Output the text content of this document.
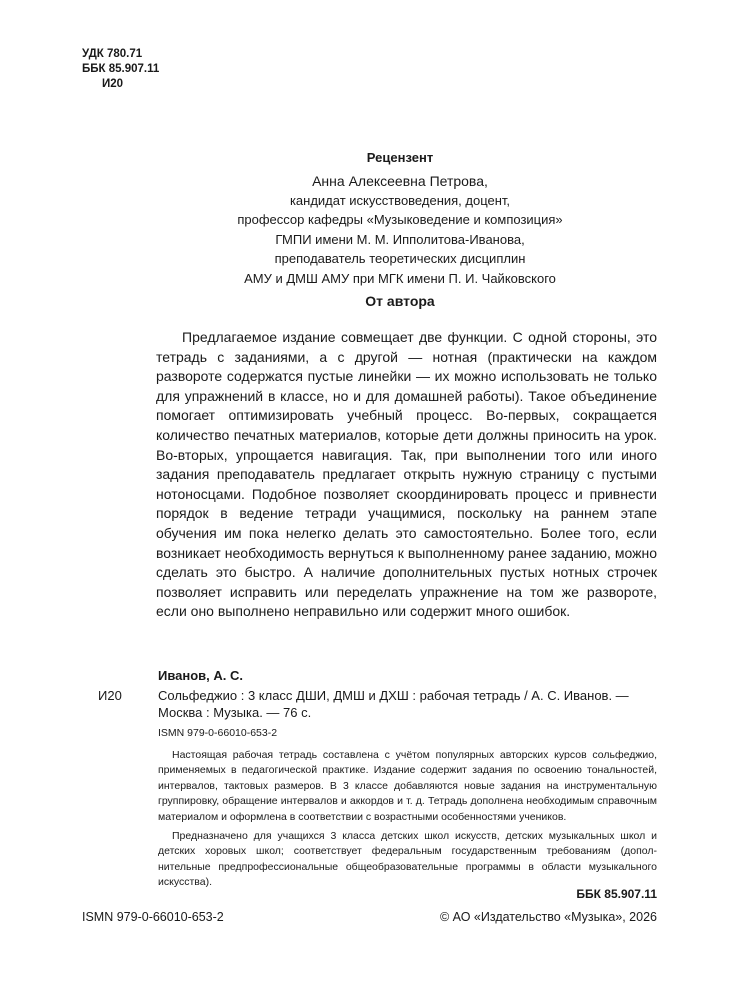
УДК 780.71
ББК 85.907.11
И20
Рецензент
Анна Алексеевна Петрова,
кандидат искусствоведения, доцент,
профессор кафедры «Музыковедение и композиция»
ГМПИ имени М. М. Ипполитова-Иванова,
преподаватель теоретических дисциплин
АМУ и ДМШ АМУ при МГК имени П. И. Чайковского
От автора

Предлагаемое издание совмещает две функции. С одной стороны, это тетрадь с заданиями, а с другой — нотная (практически на каждом развороте содержатся пустые линейки — их можно использовать не только для упражнений в классе, но и для домашней работы). Такое объединение помогает оптимизировать учебный процесс. Во-первых, сокращается количество печатных материалов, которые дети должны приносить на урок. Во-вторых, упрощается навигация. Так, при выполнении того или иного задания преподаватель предлагает открыть нужную страницу с пустыми нотоносцами. Подобное позволяет скоординировать процесс и привнести порядок в ведение тетради учащимися, поскольку на раннем этапе обучения им пока нелегко делать это самостоятельно. Более того, если возникает необходимость вернуться к выполненному ранее заданию, можно сделать это быстро. А наличие дополнительных пустых нотных строчек позволяет исправить или переделать упражнение на том же развороте, если оно выполнено неправильно или содержит много ошибок.

Иванов, А. С.
И20	Сольфеджио : 3 класс ДШИ, ДМШ и ДХШ : рабочая тетрадь / А. С. Иванов. — Москва : Музыка. — 76 с.
ISMN 979-0-66010-653-2

Настоящая рабочая тетрадь составлена с учётом популярных авторских курсов сольфеджио, применяемых в педагогической практике. Издание содержит задания по освоению тональностей, интервалов, тактовых размеров. В 3 классе добавляются новые задания на инструментальную группировку, обращение интервалов и аккордов и т. д. Тетрадь дополнена необходимым справочным материалом и оформлена в соответствии с возрастными особенностями учеников.

Предназначено для учащихся 3 класса детских школ искусств, детских музыкальных школ и детских хоровых школ; соответствует федеральным государственным требованиям (дополнительные предпрофессиональные общеобразовательные программы в области музыкального искусства).

ББК 85.907.11
ISMN 979-0-66010-653-2	© АО «Издательство «Музыка», 2026
